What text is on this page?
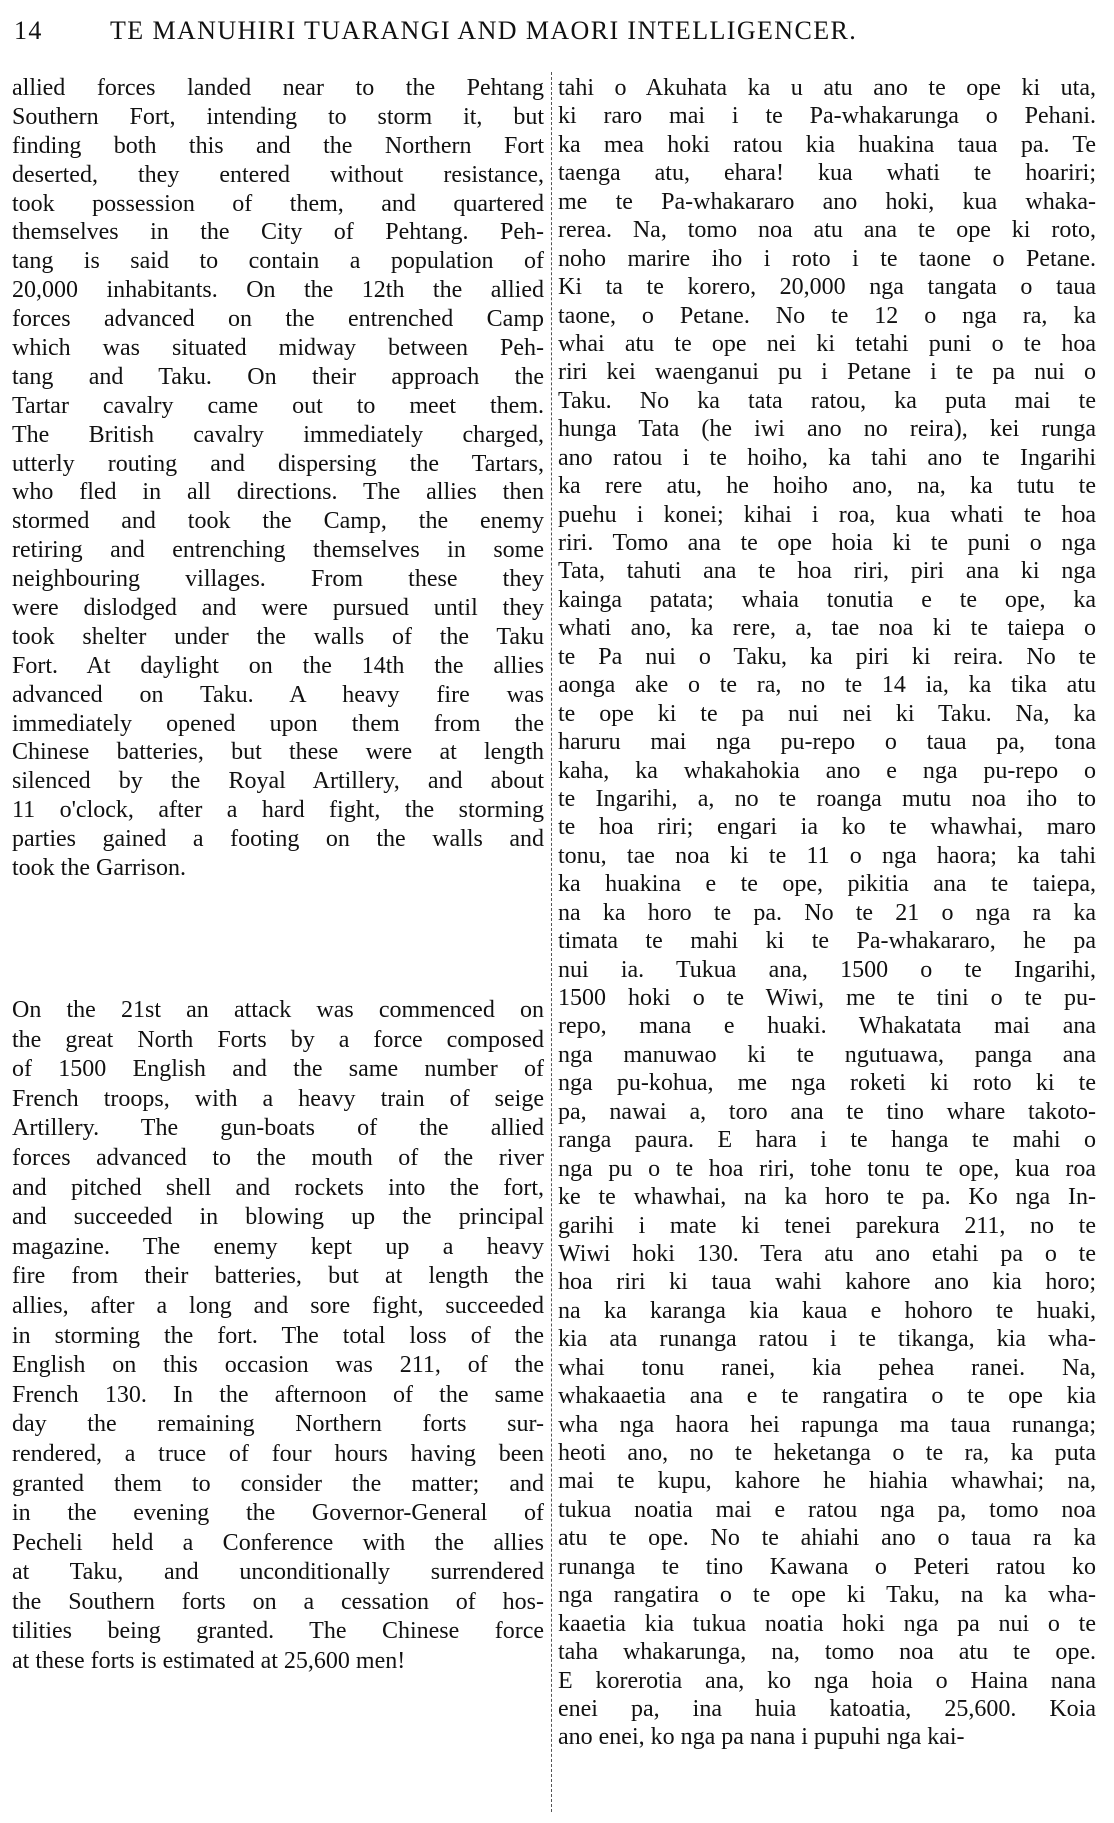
14	TE MANUHIRI TUARANGI AND MAORI INTELLIGENCER.
allied forces landed near to the Pehtang
Southern Fort, intending to storm it, but
finding both this and the Northern Fort
deserted, they entered without resistance,
took possession of them, and quartered
themselves in the City of Pehtang. Peh-
tang is said to contain a population of
20,000 inhabitants. On the 12th the allied
forces advanced on the entrenched Camp
which was situated midway between Peh-
tang and Taku. On their approach the
Tartar cavalry came out to meet them.
The British cavalry immediately charged,
utterly routing and dispersing the Tartars,
who fled in all directions. The allies then
stormed and took the Camp, the enemy
retiring and entrenching themselves in some
neighbouring villages. From these they
were dislodged and were pursued until they
took shelter under the walls of the Taku
Fort. At daylight on the 14th the allies
advanced on Taku. A heavy fire was
immediately opened upon them from the
Chinese batteries, but these were at length
silenced by the Royal Artillery, and about
11 o'clock, after a hard fight, the storming
parties gained a footing on the walls and
took the Garrison.
On the 21st an attack was commenced on
the great North Forts by a force composed
of 1500 English and the same number of
French troops, with a heavy train of seige
Artillery. The gun-boats of the allied
forces advanced to the mouth of the river
and pitched shell and rockets into the fort,
and succeeded in blowing up the principal
magazine. The enemy kept up a heavy
fire from their batteries, but at length the
allies, after a long and sore fight, succeeded
in storming the fort. The total loss of the
English on this occasion was 211, of the
French 130. In the afternoon of the same
day the remaining Northern forts sur-
rendered, a truce of four hours having been
granted them to consider the matter; and
in the evening the Governor-General of
Pecheli held a Conference with the allies
at Taku, and unconditionally surrendered
the Southern forts on a cessation of hos-
tilities being granted. The Chinese force
at these forts is estimated at 25,600 men!
tahi o Akuhata ka u atu ano te ope ki uta,
ki raro mai i te Pa-whakarunga o Pehani.
ka mea hoki ratou kia huakina taua pa. Te
taenga atu, ehara! kua whati te hoariri;
me te Pa-whakararo ano hoki, kua whaka-
rerea. Na, tomo noa atu ana te ope ki roto,
noho marire iho i roto i te taone o Petane.
Ki ta te korero, 20,000 nga tangata o taua
taone, o Petane. No te 12 o nga ra, ka
whai atu te ope nei ki tetahi puni o te hoa
riri kei waenganui pu i Petane i te pa nui o
Taku. No ka tata ratou, ka puta mai te
hunga Tata (he iwi ano no reira), kei runga
ano ratou i te hoiho, ka tahi ano te Ingarihi
ka rere atu, he hoiho ano, na, ka tutu te
puehu i konei; kihai i roa, kua whati te hoa
riri. Tomo ana te ope hoia ki te puni o nga
Tata, tahuti ana te hoa riri, piri ana ki nga
kainga patata; whaia tonutia e te ope, ka
whati ano, ka rere, a, tae noa ki te taiepa o
te Pa nui o Taku, ka piri ki reira. No te
aonga ake o te ra, no te 14 ia, ka tika atu
te ope ki te pa nui nei ki Taku. Na, ka
haruru mai nga pu-repo o taua pa, tona
kaha, ka whakahokia ano e nga pu-repo o
te Ingarihi, a, no te roanga mutu noa iho to
te hoa riri; engari ia ko te whawhai, maro
tonu, tae noa ki te 11 o nga haora; ka tahi
ka huakina e te ope, pikitia ana te taiepa,
na ka horo te pa. No te 21 o nga ra ka
timata te mahi ki te Pa-whakararo, he pa
nui ia. Tukua ana, 1500 o te Ingarihi,
1500 hoki o te Wiwi, me te tini o te pu-
repo, mana e huaki. Whakatata mai ana
nga manuwao ki te ngutuawa, panga ana
nga pu-kohua, me nga roketi ki roto ki te
pa, nawai a, toro ana te tino whare takoto-
ranga paura. E hara i te hanga te mahi o
nga pu o te hoa riri, tohe tonu te ope, kua roa
ke te whawhai, na ka horo te pa. Ko nga In-
garihi i mate ki tenei parekura 211, no te
Wiwi hoki 130. Tera atu ano etahi pa o te
hoa riri ki taua wahi kahore ano kia horo;
na ka karanga kia kaua e hohoro te huaki,
kia ata runanga ratou i te tikanga, kia wha-
whai tonu ranei, kia pehea ranei. Na,
whakaaetia ana e te rangatira o te ope kia
wha nga haora hei rapunga ma taua runanga;
heoti ano, no te heketanga o te ra, ka puta
mai te kupu, kahore he hiahia whawhai; na,
tukua noatia mai e ratou nga pa, tomo noa
atu te ope. No te ahiahi ano o taua ra ka
runanga te tino Kawana o Peteri ratou ko
nga rangatira o te ope ki Taku, na ka wha-
kaaetia kia tukua noatia hoki nga pa nui o te
taha whakarunga, na, tomo noa atu te ope.
E korerotia ana, ko nga hoia o Haina nana
enei pa, ina huia katoatia, 25,600. Koia
ano enei, ko nga pa nana i pupuhi nga kai-
